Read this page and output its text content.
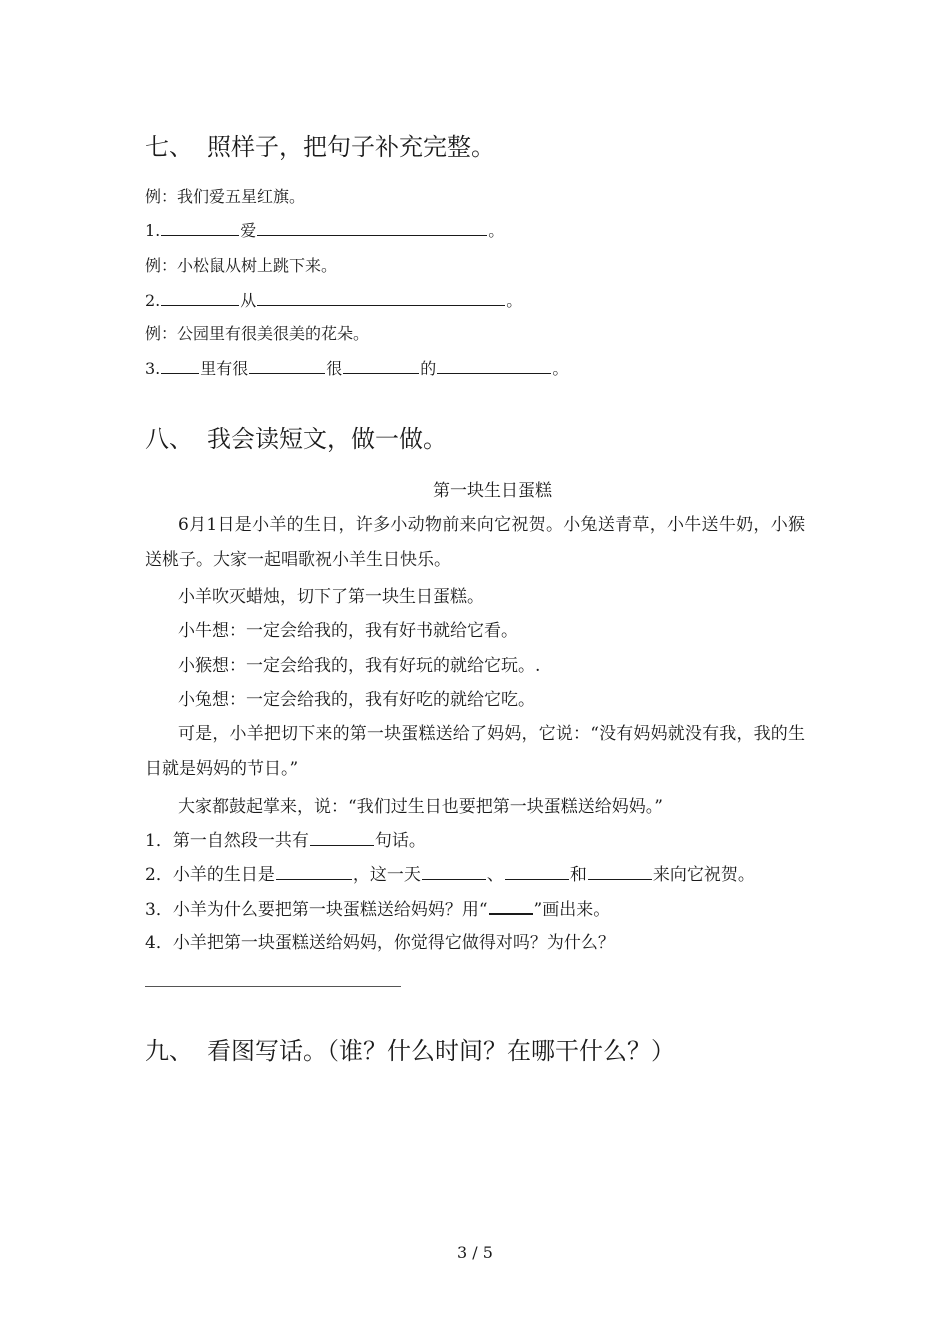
七、 照样子，把句子补充完整。
例：我们爱五星红旗。
1.	爱	。
例：小松鼠从树上跳下来。
2.	从	。
例：公园里有很美很美的花朵。
3.	里有很	很	的	。
八、 我会读短文，做一做。
第一块生日蛋糕
6月1日是小羊的生日，许多小动物前来向它祝贺。小兔送青草，小牛送牛奶，小猴送桃子。大家一起唱歌祝小羊生日快乐。
小羊吹灭蜡烛，切下了第一块生日蛋糕。
小牛想：一定会给我的，我有好书就给它看。
小猴想：一定会给我的，我有好玩的就给它玩。.
小兔想：一定会给我的，我有好吃的就给它吃。
可是，小羊把切下来的第一块蛋糕送给了妈妈，它说：“没有妈妈就没有我，我的生日就是妈妈的节日。”
大家都鼓起掌来，说：“我们过生日也要把第一块蛋糕送给妈妈。”
1．第一自然段一共有	句话。
2．小羊的生日是	，这一天	、	和	来向它祝贺。
3．小羊为什么要把第一块蛋糕送给妈妈？用“	”画出来。
4．小羊把第一块蛋糕送给妈妈，你觉得它做得对吗？为什么？
九、 看图写话。（谁？什么时间？在哪干什么？）
3 / 5
